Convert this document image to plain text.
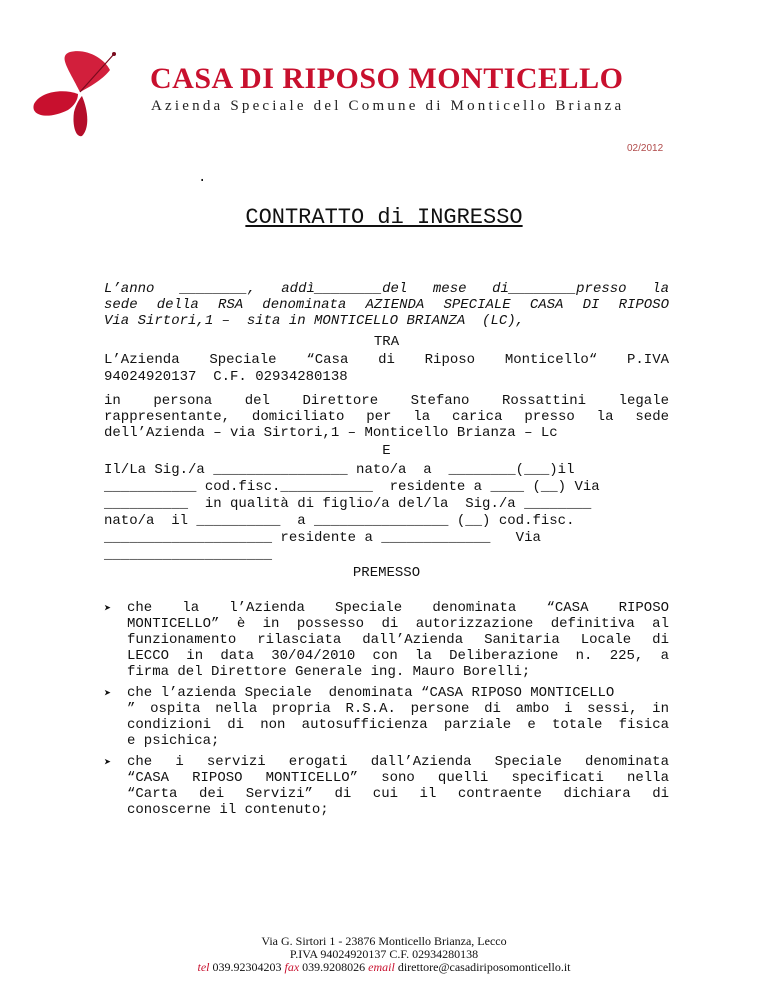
CASA DI RIPOSO MONTICELLO
Azienda Speciale del Comune di Monticello Brianza
02/2012
.
CONTRATTO di INGRESSO
L’anno ________, addì________del mese di________presso la
sede della RSA denominata AZIENDA SPECIALE CASA DI RIPOSO
Via Sirtori,1 –  sita in MONTICELLO BRIANZA  (LC),
TRA
L’Azienda Speciale “Casa di Riposo Monticello“ P.IVA
94024920137  C.F. 02934280138
in persona del Direttore Stefano Rossattini legale
rappresentante, domiciliato per la carica presso la sede
dell’Azienda – via Sirtori,1 – Monticello Brianza – Lc
E
Il/La Sig./a ________________ nato/a  a  ________(___)il
___________ cod.fisc.___________  residente a ____ (__) Via
__________  in qualità di figlio/a del/la  Sig./a ________
nato/a  il __________  a ________________ (__) cod.fisc.
____________________ residente a _____________   Via
____________________
PREMESSO
➤	che la l’Azienda Speciale denominata “CASA RIPOSO
MONTICELLO” è in possesso di autorizzazione definitiva al
funzionamento rilasciata dall’Azienda Sanitaria Locale di
LECCO in data 30/04/2010 con la Deliberazione n. 225, a
firma del Direttore Generale ing. Mauro Borelli;
➤	che l’azienda Speciale  denominata “CASA RIPOSO MONTICELLO
” ospita nella propria R.S.A. persone di ambo i sessi, in
condizioni di non autosufficienza parziale e totale fisica
e psichica;
➤	che i servizi erogati dall’Azienda Speciale denominata
“CASA RIPOSO MONTICELLO” sono quelli specificati nella
“Carta dei Servizi” di cui il contraente dichiara di
conoscerne il contenuto;
Via G. Sirtori 1 - 23876 Monticello Brianza, Lecco
P.IVA 94024920137 C.F. 02934280138
tel 039.92304203 fax 039.9208026 email direttore@casadiriposomonticello.it
